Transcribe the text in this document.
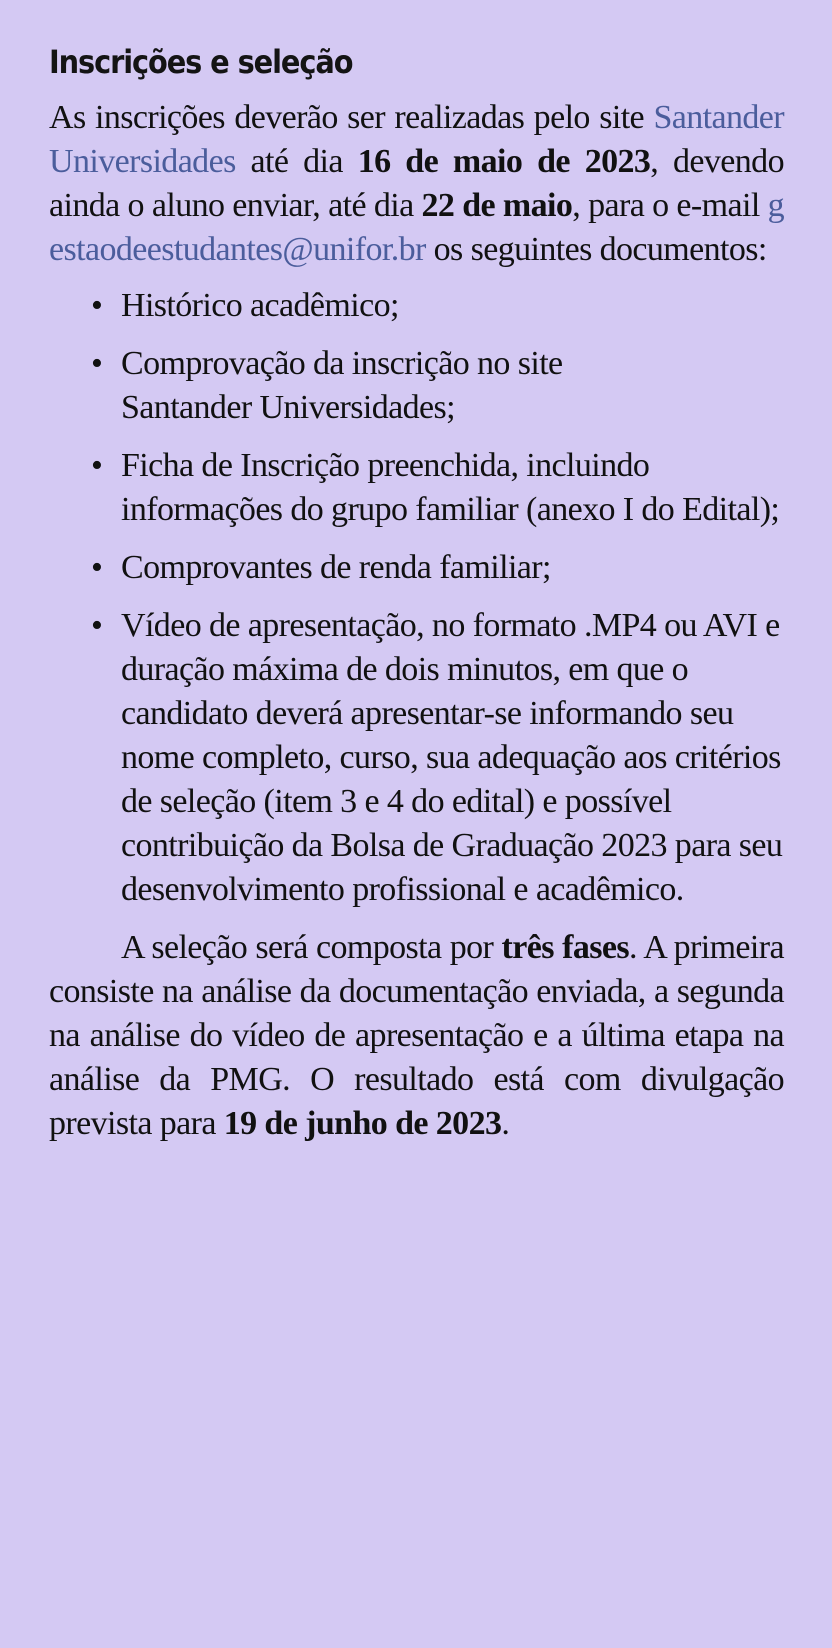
Inscrições e seleção

As inscrições deverão ser realizadas pelo site Santander Universidades até dia 16 de maio de 2023, devendo ainda o aluno enviar, até dia 22 de maio, para o e-mail gestaodeestudantes@unifor.br os seguintes documentos:

• Histórico acadêmico;
• Comprovação da inscrição no site Santander Universidades;
• Ficha de Inscrição preenchida, incluindo informações do grupo familiar (anexo I do Edital);
• Comprovantes de renda familiar;
• Vídeo de apresentação, no formato .MP4 ou AVI e duração máxima de dois minutos, em que o candidato deverá apresentar-se informando seu nome completo, curso, sua adequação aos critérios de seleção (item 3 e 4 do edital) e possível contribuição da Bolsa de Graduação 2023 para seu desenvolvimento profissional e acadêmico.

A seleção será composta por três fases. A primeira consiste na análise da documentação enviada, a segunda na análise do vídeo de apresentação e a última etapa na análise da PMG. O resultado está com divulgação prevista para 19 de junho de 2023.
